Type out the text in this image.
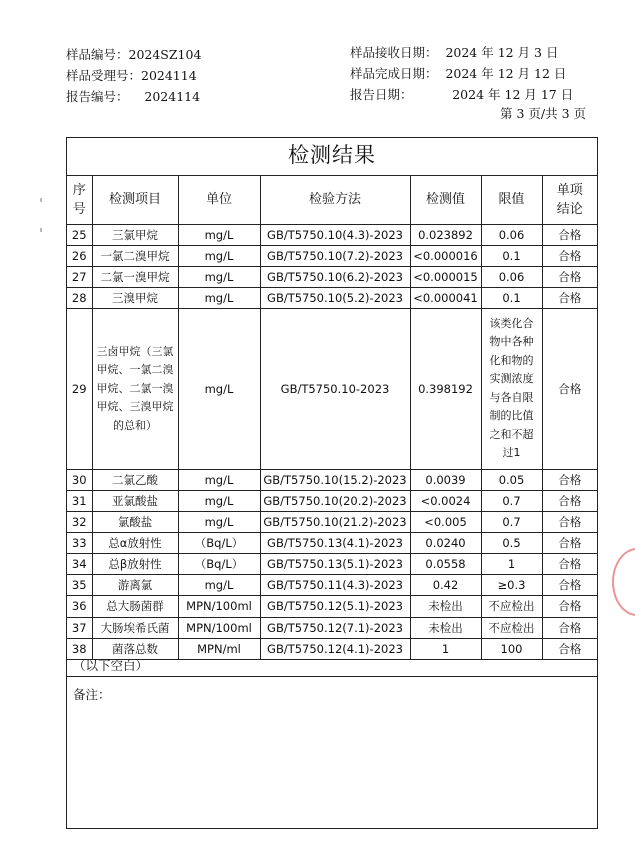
样品编号：2024SZ104
样品受理号：2024114
报告编号：    2024114
样品接收日期：  2024 年 12 月 3 日
样品完成日期：  2024 年 12 月 12 日
报告日期：          2024 年 12 月 17 日
第 3 页/共 3 页
检测结果
序
号	检测项目	单位	检验方法	检测值	限值	单项
结论
25	三氯甲烷	mg/L	GB/T5750.10(4.3)-2023	0.023892	0.06	合格
26	一氯二溴甲烷	mg/L	GB/T5750.10(7.2)-2023	<0.000016	0.1	合格
27	二氯一溴甲烷	mg/L	GB/T5750.10(6.2)-2023	<0.000015	0.06	合格
28	三溴甲烷	mg/L	GB/T5750.10(5.2)-2023	<0.000041	0.1	合格
29	三卤甲烷（三氯甲烷、一氯二溴甲烷、二氯一溴甲烷、三溴甲烷的总和）	mg/L	GB/T5750.10-2023	0.398192	该类化合物中各种化和物的实测浓度与各自限制的比值之和不超过1	合格
30	二氯乙酸	mg/L	GB/T5750.10(15.2)-2023	0.0039	0.05	合格
31	亚氯酸盐	mg/L	GB/T5750.10(20.2)-2023	<0.0024	0.7	合格
32	氯酸盐	mg/L	GB/T5750.10(21.2)-2023	<0.005	0.7	合格
33	总α放射性	（Bq/L）	GB/T5750.13(4.1)-2023	0.0240	0.5	合格
34	总β放射性	（Bq/L）	GB/T5750.13(5.1)-2023	0.0558	1	合格
35	游离氯	mg/L	GB/T5750.11(4.3)-2023	0.42	≥0.3	合格
36	总大肠菌群	MPN/100ml	GB/T5750.12(5.1)-2023	未检出	不应检出	合格
37	大肠埃希氏菌	MPN/100ml	GB/T5750.12(7.1)-2023	未检出	不应检出	合格
38	菌落总数	MPN/ml	GB/T5750.12(4.1)-2023	1	100	合格
（以下空白）
备注：
